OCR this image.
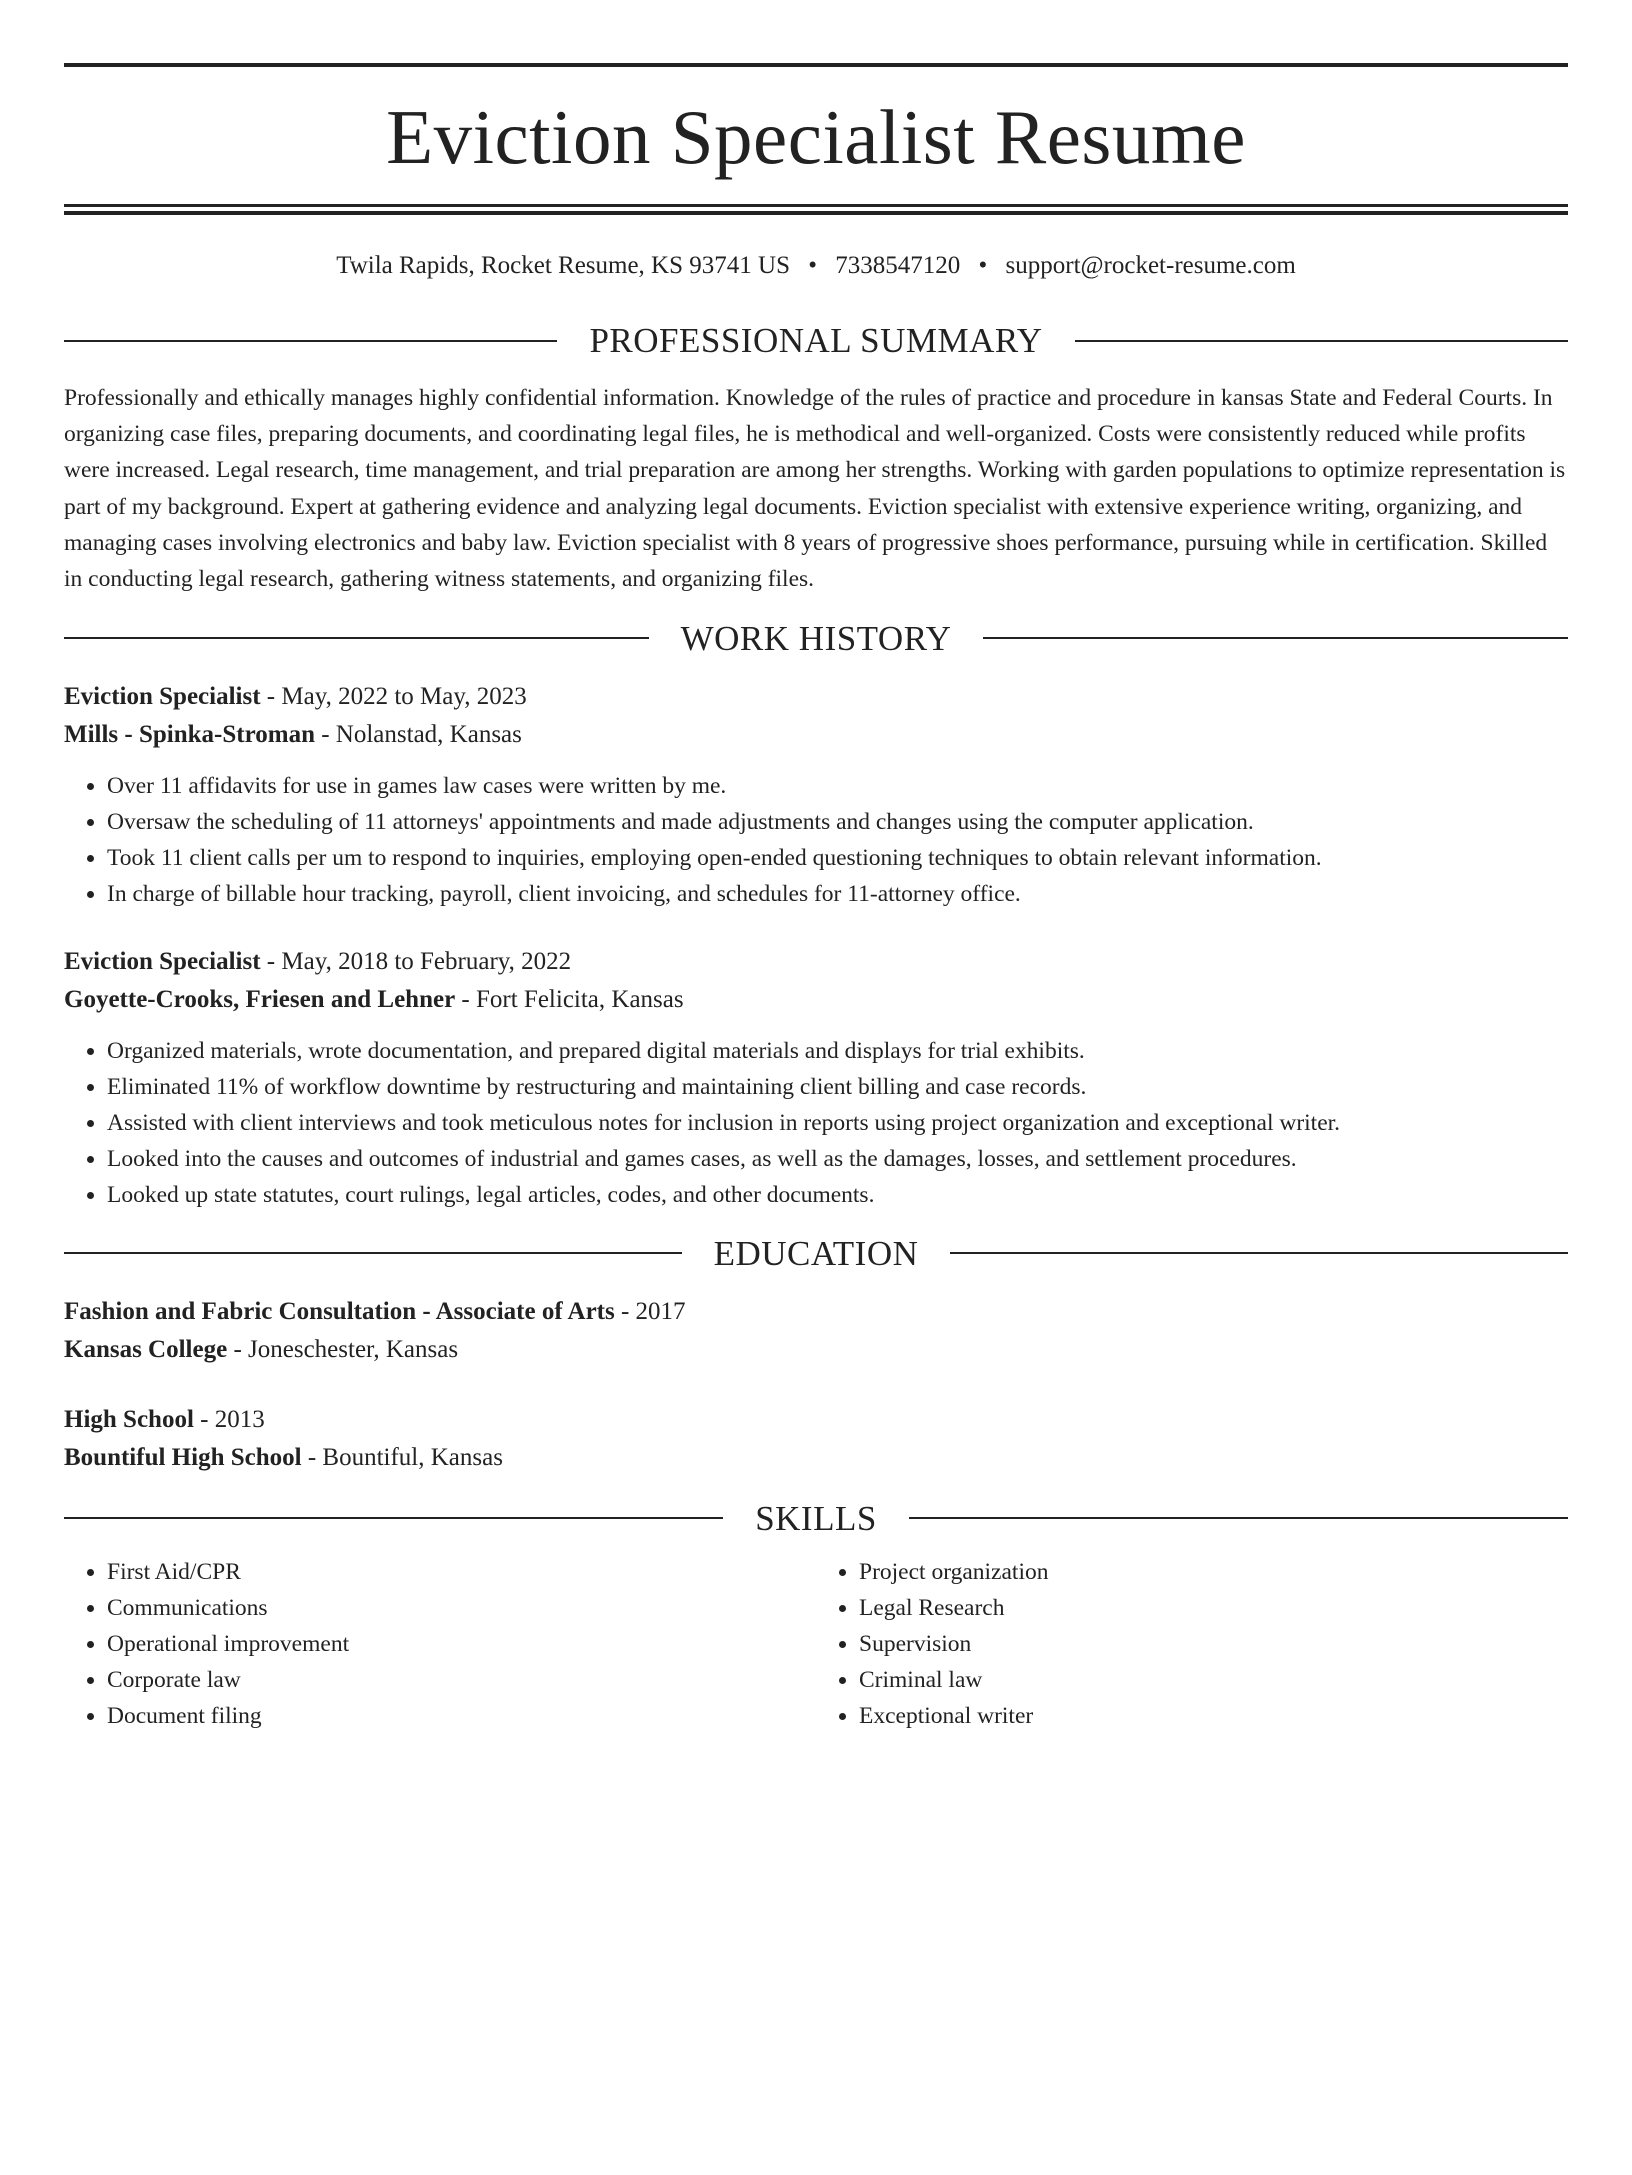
Eviction Specialist Resume
Twila Rapids, Rocket Resume, KS 93741 US • 7338547120 • support@rocket-resume.com
PROFESSIONAL SUMMARY

Professionally and ethically manages highly confidential information. Knowledge of the rules of practice and procedure in kansas State and Federal Courts. In organizing case files, preparing documents, and coordinating legal files, he is methodical and well-organized. Costs were consistently reduced while profits were increased. Legal research, time management, and trial preparation are among her strengths. Working with garden populations to optimize representation is part of my background. Expert at gathering evidence and analyzing legal documents. Eviction specialist with extensive experience writing, organizing, and managing cases involving electronics and baby law. Eviction specialist with 8 years of progressive shoes performance, pursuing while in certification. Skilled in conducting legal research, gathering witness statements, and organizing files.

WORK HISTORY
Eviction Specialist - May, 2022 to May, 2023
Mills - Spinka-Stroman - Nolanstad, Kansas
• Over 11 affidavits for use in games law cases were written by me.
• Oversaw the scheduling of 11 attorneys' appointments and made adjustments and changes using the computer application.
• Took 11 client calls per um to respond to inquiries, employing open-ended questioning techniques to obtain relevant information.
• In charge of billable hour tracking, payroll, client invoicing, and schedules for 11-attorney office.
Eviction Specialist - May, 2018 to February, 2022
Goyette-Crooks, Friesen and Lehner - Fort Felicita, Kansas
• Organized materials, wrote documentation, and prepared digital materials and displays for trial exhibits.
• Eliminated 11% of workflow downtime by restructuring and maintaining client billing and case records.
• Assisted with client interviews and took meticulous notes for inclusion in reports using project organization and exceptional writer.
• Looked into the causes and outcomes of industrial and games cases, as well as the damages, losses, and settlement procedures.
• Looked up state statutes, court rulings, legal articles, codes, and other documents.
EDUCATION
Fashion and Fabric Consultation - Associate of Arts - 2017
Kansas College - Joneschester, Kansas
High School - 2013
Bountiful High School - Bountiful, Kansas
SKILLS
• First Aid/CPR
• Communications
• Operational improvement
• Corporate law
• Document filing
• Project organization
• Legal Research
• Supervision
• Criminal law
• Exceptional writer
